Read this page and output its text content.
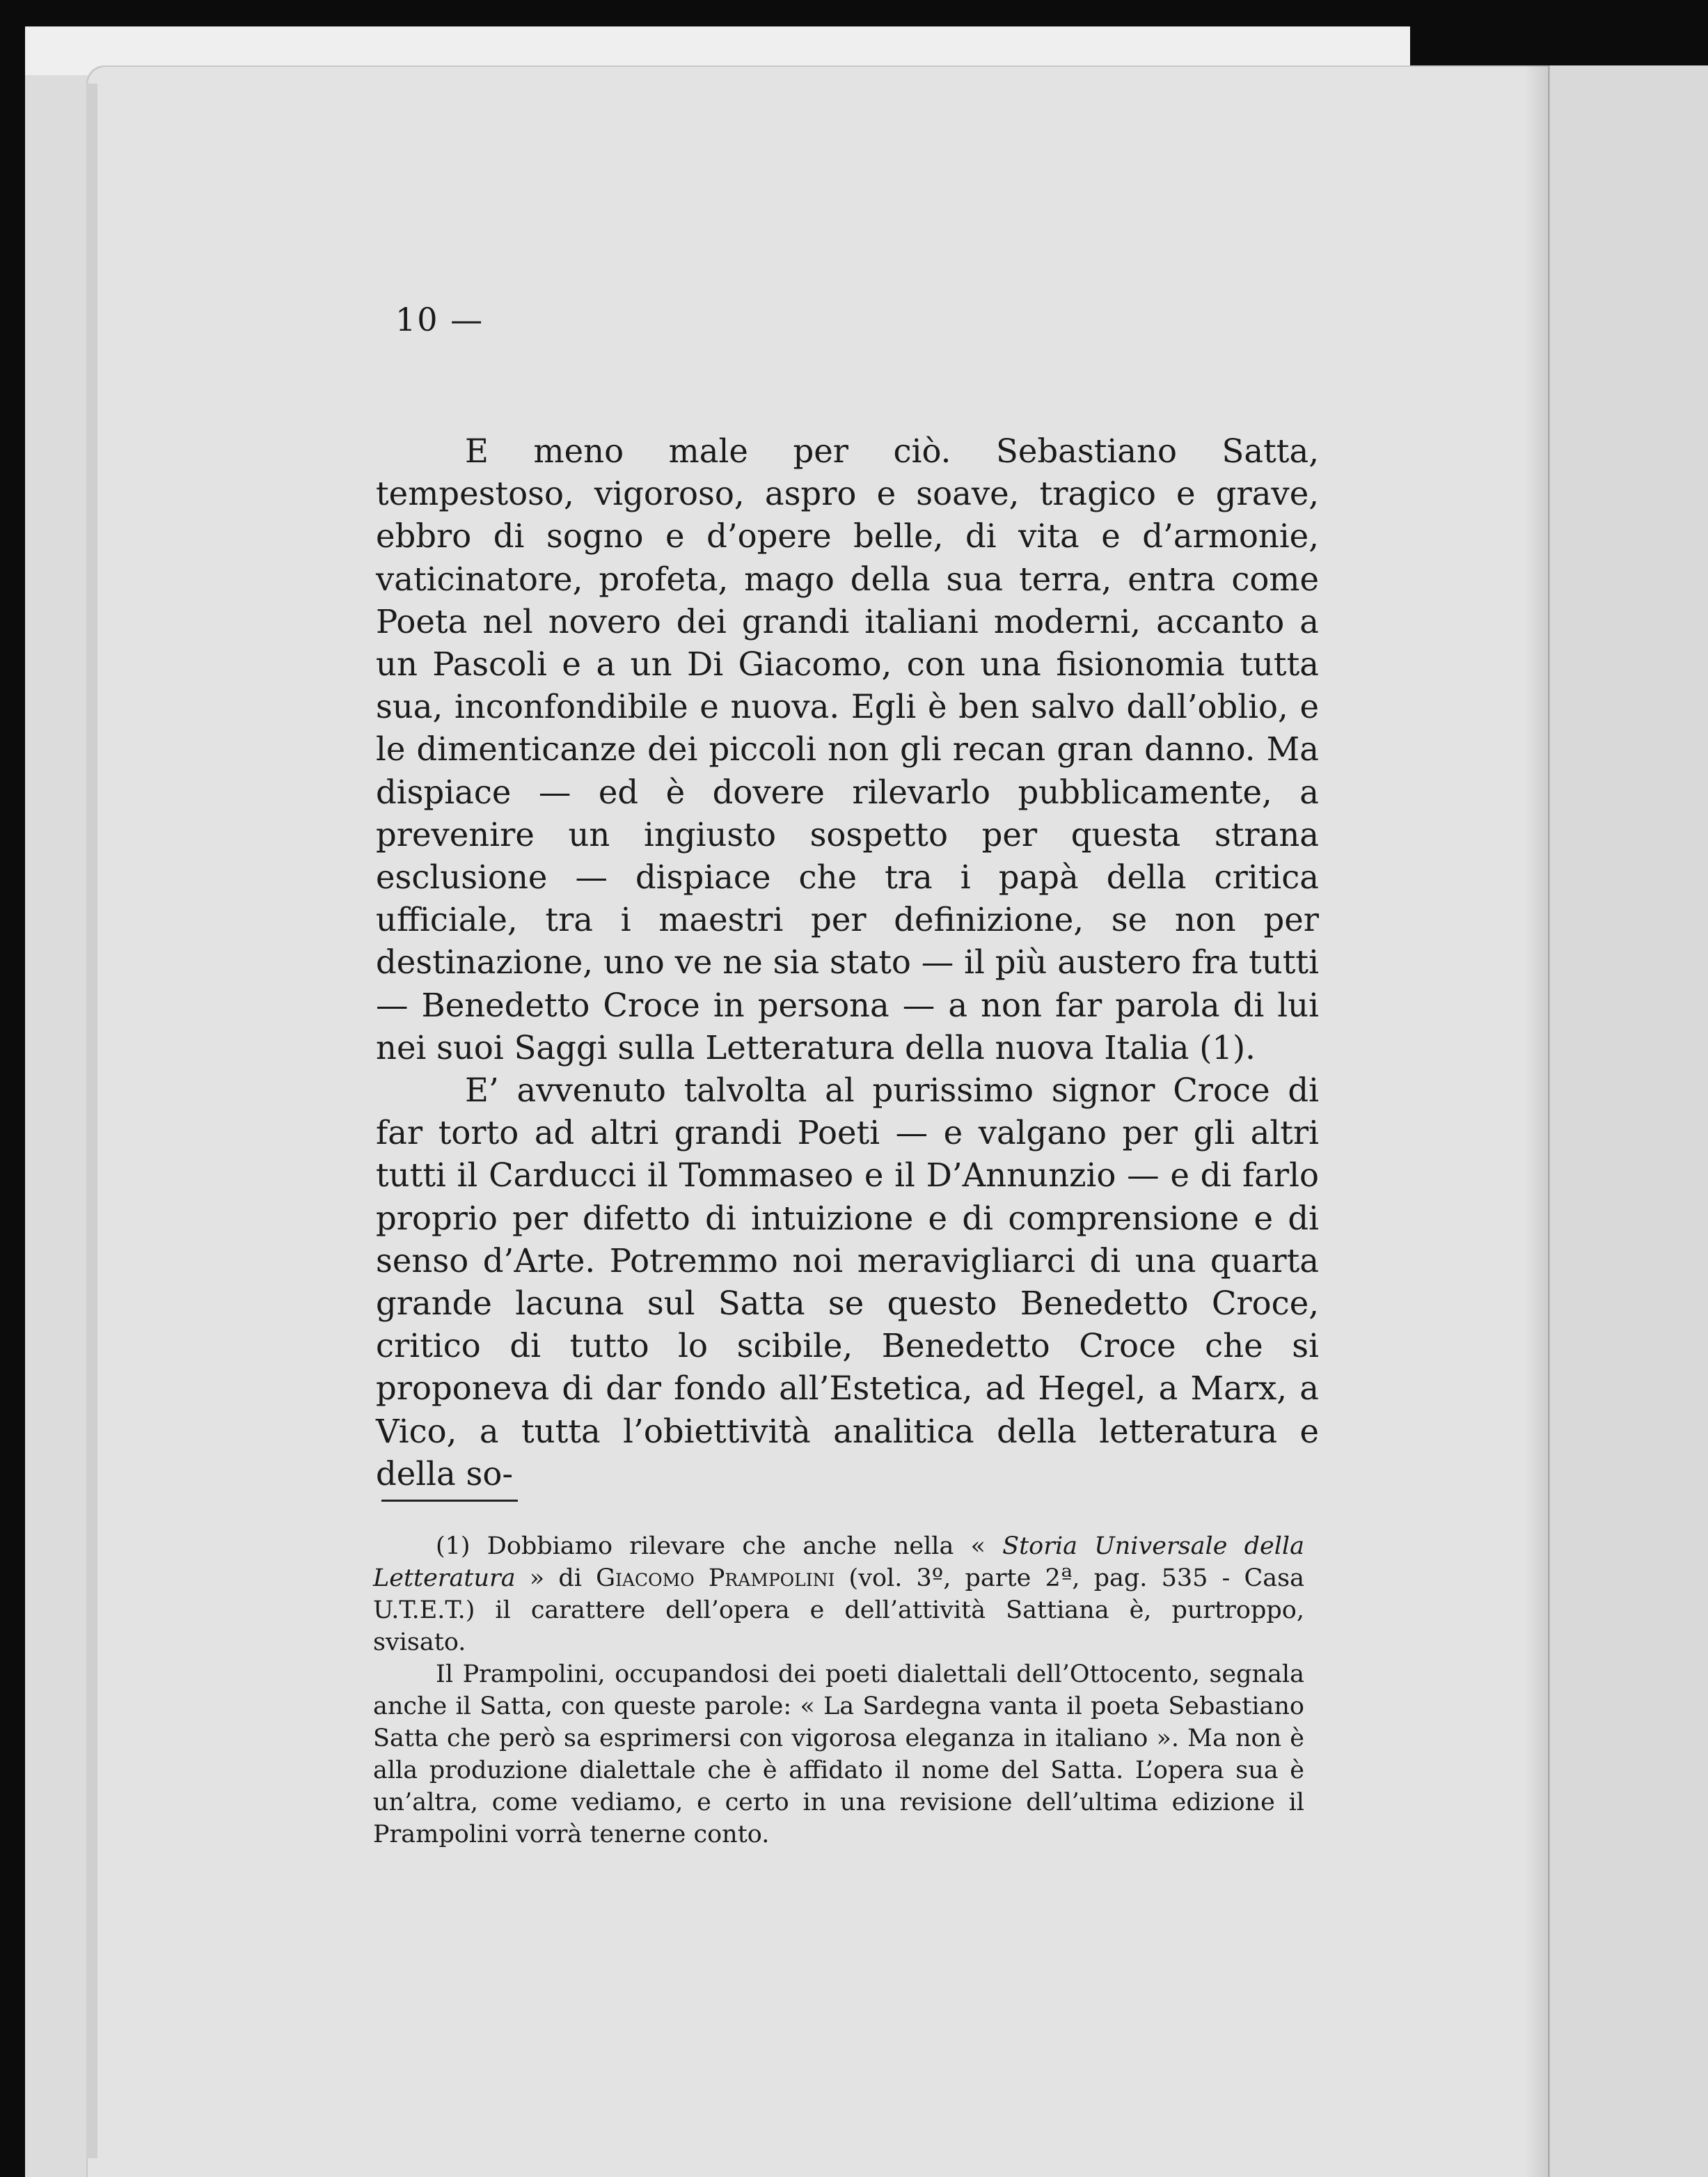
10 —

E meno male per ciò. Sebastiano Satta, tempestoso, vigoroso, aspro e soave, tragico e grave, ebbro di sogno e d’opere belle, di vita e d’armonie, vaticinatore, profeta, mago della sua terra, entra come Poeta nel novero dei grandi italiani moderni, accanto a un Pascoli e a un Di Giacomo, con una fisionomia tutta sua, inconfondibile e nuova. Egli è ben salvo dall’oblio, e le dimenticanze dei piccoli non gli recan gran danno. Ma dispiace — ed è dovere rilevarlo pubblicamente, a prevenire un ingiusto sospetto per questa strana esclusione — dispiace che tra i papà della critica ufficiale, tra i maestri per definizione, se non per destinazione, uno ve ne sia stato — il più austero fra tutti — Benedetto Croce in persona — a non far parola di lui nei suoi Saggi sulla Letteratura della nuova Italia (1).

E’ avvenuto talvolta al purissimo signor Croce di far torto ad altri grandi Poeti — e valgano per gli altri tutti il Carducci il Tommaseo e il D’Annunzio — e di farlo proprio per difetto di intuizione e di comprensione e di senso d’Arte. Potremmo noi meravigliarci di una quarta grande lacuna sul Satta se questo Benedetto Croce, critico di tutto lo scibile, Benedetto Croce che si proponeva di dar fondo all’Estetica, ad Hegel, a Marx, a Vico, a tutta l’obiettività analitica della letteratura e della so-

(1) Dobbiamo rilevare che anche nella « Storia Universale della Letteratura » di Giacomo Prampolini (vol. 3º, parte 2ª, pag. 535 - Casa U.T.E.T.) il carattere dell’opera e dell’attività Sattiana è, purtroppo, svisato.

Il Prampolini, occupandosi dei poeti dialettali dell’Ottocento, segnala anche il Satta, con queste parole: « La Sardegna vanta il poeta Sebastiano Satta che però sa esprimersi con vigorosa eleganza in italiano ». Ma non è alla produzione dialettale che è affidato il nome del Satta. L’opera sua è un’altra, come vediamo, e certo in una revisione dell’ultima edizione il Prampolini vorrà tenerne conto.
